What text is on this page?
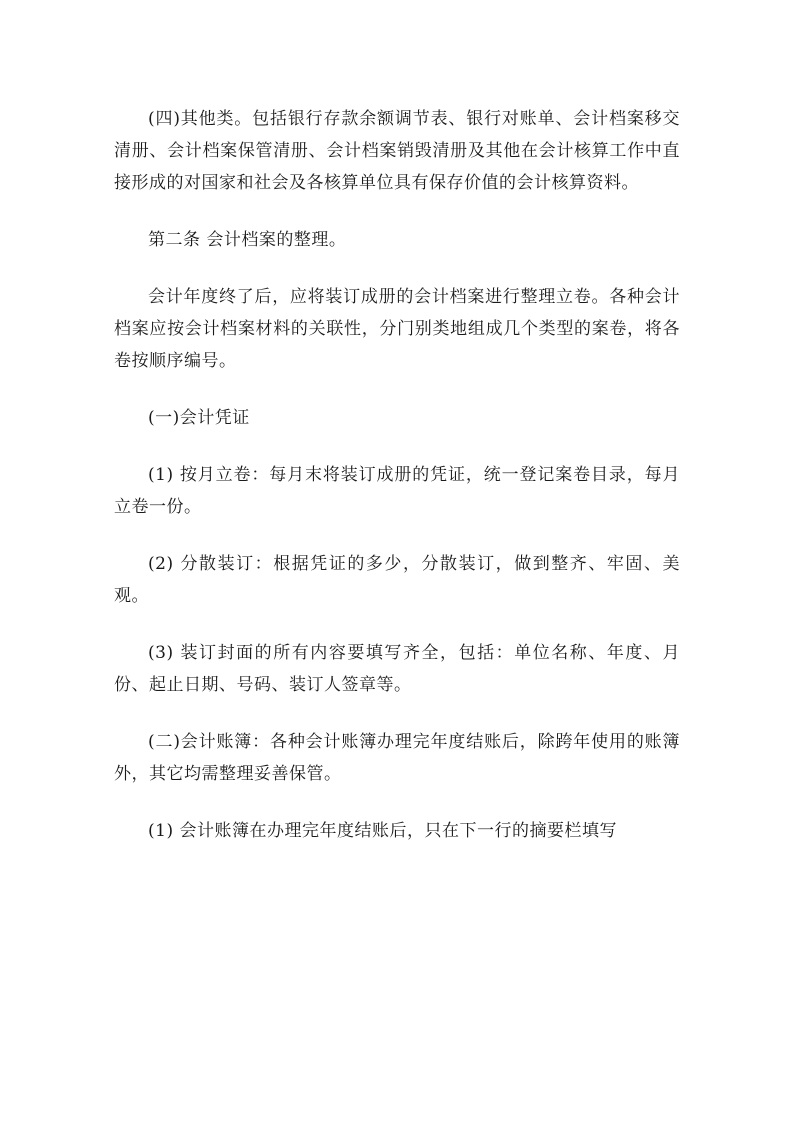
(四)其他类。包括银行存款余额调节表、银行对账单、会计档案移交清册、会计档案保管清册、会计档案销毁清册及其他在会计核算工作中直接形成的对国家和社会及各核算单位具有保存价值的会计核算资料。

第二条 会计档案的整理。

会计年度终了后，应将装订成册的会计档案进行整理立卷。各种会计档案应按会计档案材料的关联性，分门别类地组成几个类型的案卷，将各卷按顺序编号。

(一)会计凭证

(1) 按月立卷：每月末将装订成册的凭证，统一登记案卷目录，每月立卷一份。

(2) 分散装订：根据凭证的多少，分散装订，做到整齐、牢固、美观。

(3) 装订封面的所有内容要填写齐全，包括：单位名称、年度、月份、起止日期、号码、装订人签章等。

(二)会计账簿：各种会计账簿办理完年度结账后，除跨年使用的账簿外，其它均需整理妥善保管。

(1) 会计账簿在办理完年度结账后，只在下一行的摘要栏填写
